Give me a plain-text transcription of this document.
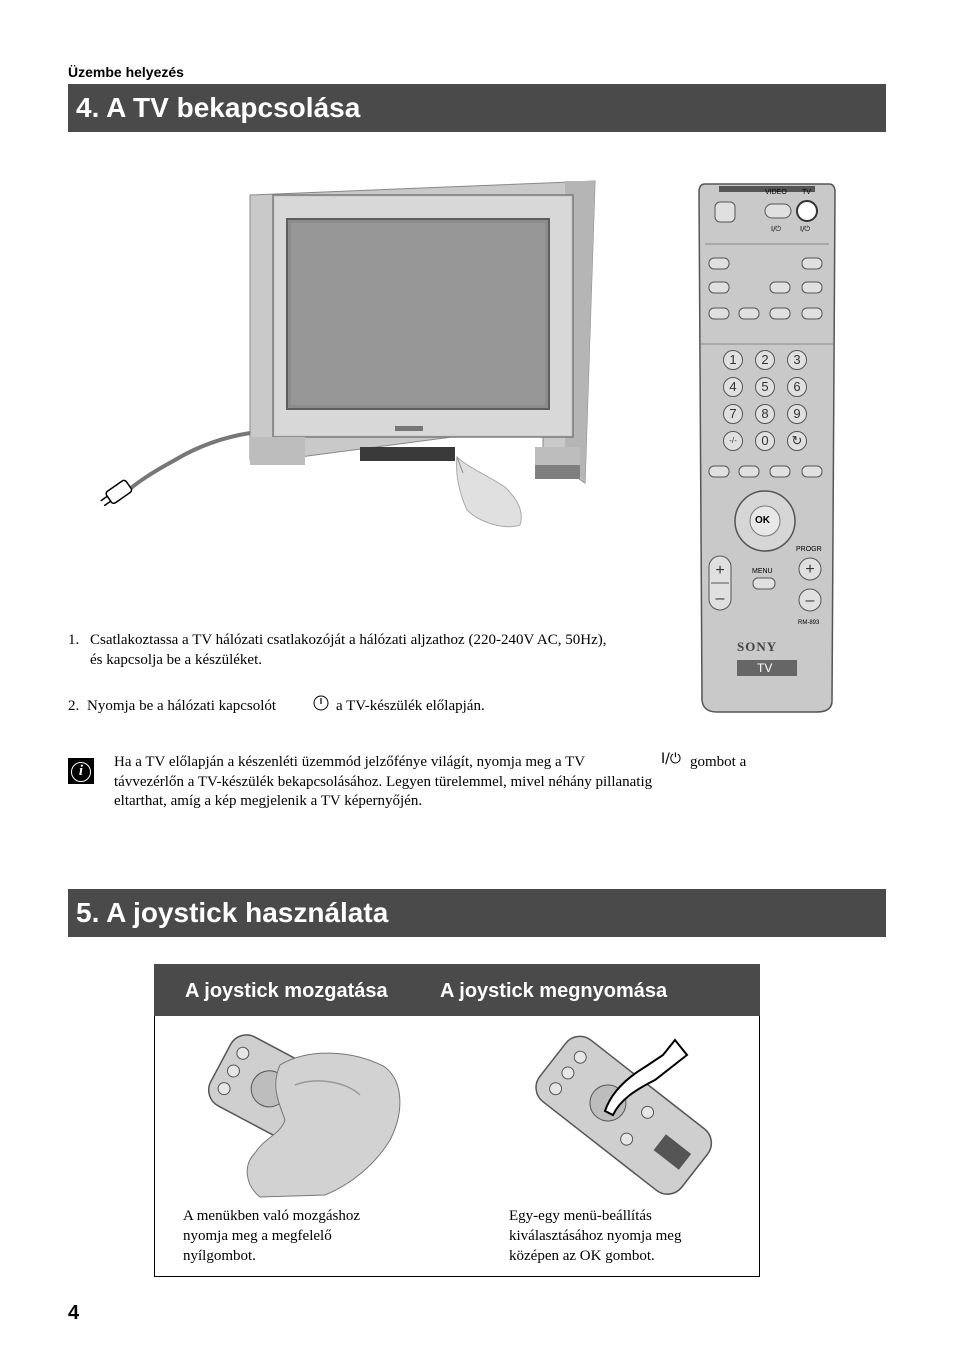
Üzembe helyezés
4. A TV bekapcsolása
+
–
+
–
VIDEO TV
I/⏻	I/⏻
1	2	3
4	5	6
7	8	9
-/-	0	↻
OK
MENU
PROGR
RM-893
SONY
TV
1. Csatlakoztassa a TV hálózati csatlakozóját a hálózati aljzathoz (220-240V AC, 50Hz),
és kapcsolja be a készüléket.
2. Nyomja be a hálózati kapcsolót	a TV-készülék előlapján.
i
Ha a TV előlapján a készenléti üzemmód jelzőfénye világít, nyomja meg a TV	I/⏻ gombot a
távvezérlőn a TV-készülék bekapcsolásához. Legyen türelemmel, mivel néhány pillanatig
eltarthat, amíg a kép megjelenik a TV képernyőjén.
5. A joystick használata
A joystick mozgatása	A joystick megnyomása
A menükben való mozgáshoz
nyomja meg a megfelelő
nyílgombot.
Egy-egy menü-beállítás
kiválasztásához nyomja meg
középen az OK gombot.
4
